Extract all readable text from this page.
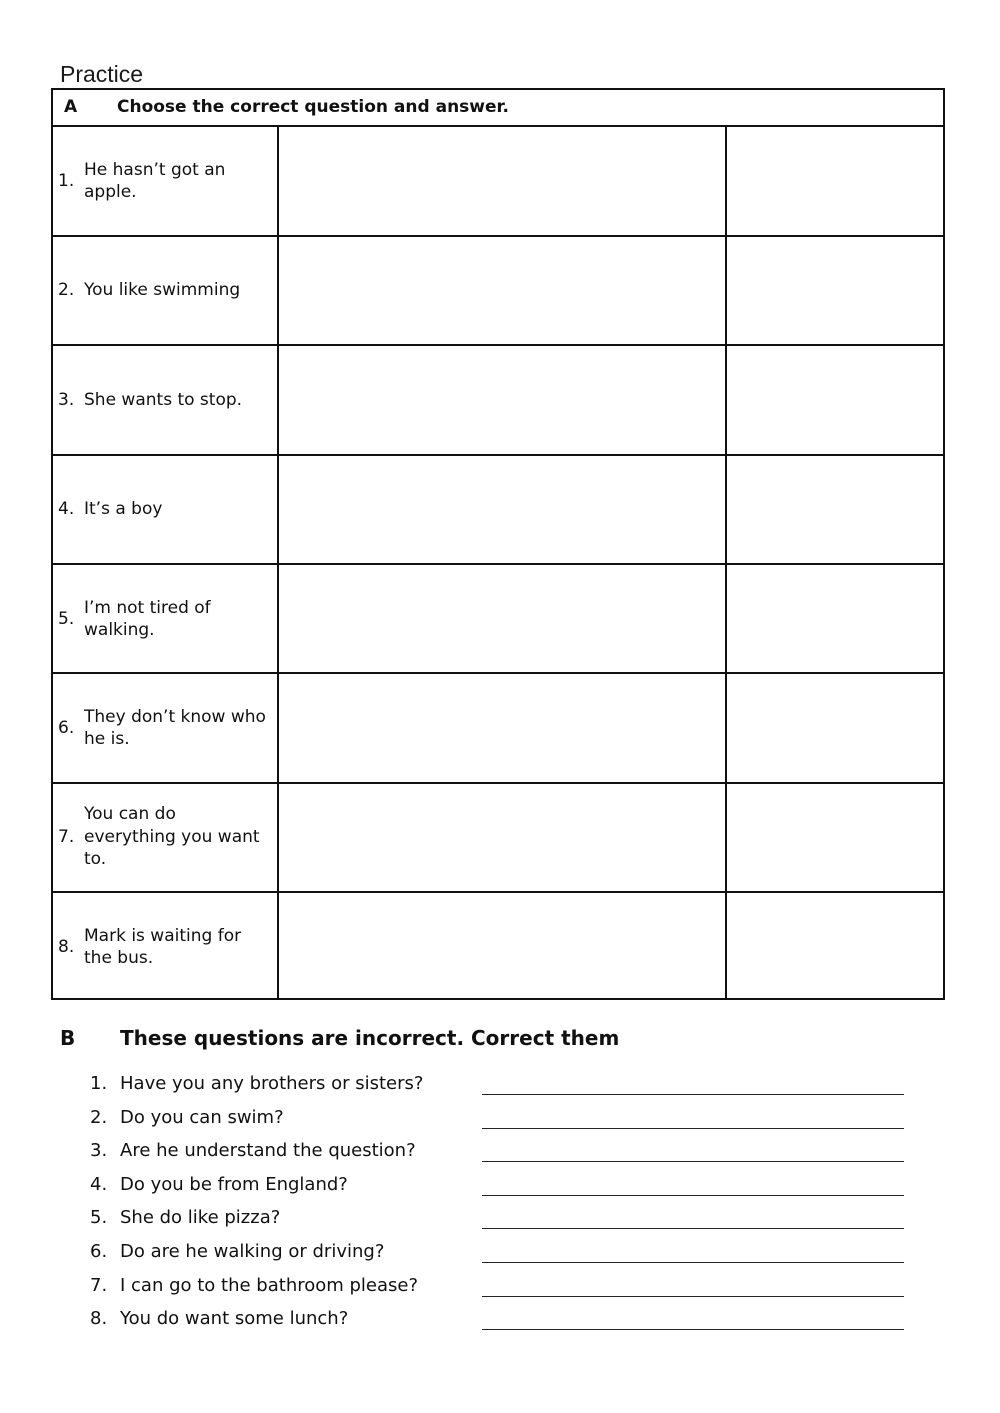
Practice
A Choose the correct question and answer.
1.
He hasn’t got an apple.
2. You like swimming
3. She wants to stop.
4. It’s a boy
5.
I’m not tired of walking.
6.
They don’t know who he is.
7.
You can do everything you want to.
8.
Mark is waiting for the bus.
B These questions are incorrect. Correct them
1. Have you any brothers or sisters?
2. Do you can swim?
3. Are he understand the question?
4. Do you be from England?
5. She do like pizza?
6. Do are he walking or driving?
7. I can go to the bathroom please?
8. You do want some lunch?
